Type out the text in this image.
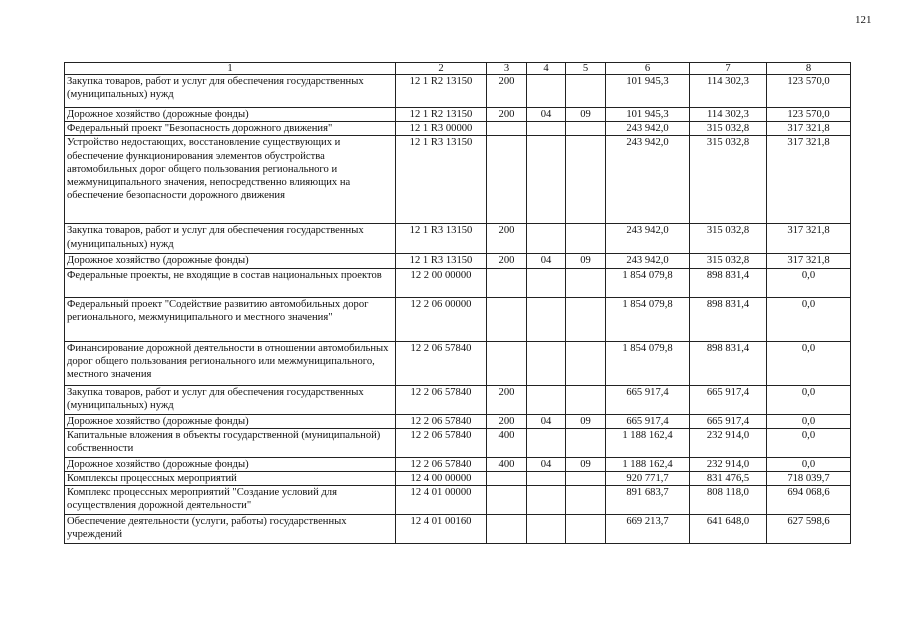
121
1	2	3	4	5	6	7	8
Закупка товаров, работ и услуг для обеспечения государственных (муниципальных) нужд	12 1 R2 13150	200			101 945,3	114 302,3	123 570,0
Дорожное хозяйство (дорожные фонды)	12 1 R2 13150	200	04	09	101 945,3	114 302,3	123 570,0
Федеральный проект "Безопасность дорожного движения"	12 1 R3 00000				243 942,0	315 032,8	317 321,8
Устройство недостающих, восстановление существующих и обеспечение функционирования элементов обустройства автомобильных дорог общего пользования регионального и межмуниципального значения, непосредственно влияющих на обеспечение безопасности дорожного движения	12 1 R3 13150				243 942,0	315 032,8	317 321,8
Закупка товаров, работ и услуг для обеспечения государственных (муниципальных) нужд	12 1 R3 13150	200			243 942,0	315 032,8	317 321,8
Дорожное хозяйство (дорожные фонды)	12 1 R3 13150	200	04	09	243 942,0	315 032,8	317 321,8
Федеральные проекты, не входящие в состав национальных проектов	12 2 00 00000				1 854 079,8	898 831,4	0,0
Федеральный проект "Содействие развитию автомобильных дорог регионального, межмуниципального и местного значения"	12 2 06 00000				1 854 079,8	898 831,4	0,0
Финансирование дорожной деятельности в отношении автомобильных дорог общего пользования регионального или межмуниципального, местного значения	12 2 06 57840				1 854 079,8	898 831,4	0,0
Закупка товаров, работ и услуг для обеспечения государственных (муниципальных) нужд	12 2 06 57840	200			665 917,4	665 917,4	0,0
Дорожное хозяйство (дорожные фонды)	12 2 06 57840	200	04	09	665 917,4	665 917,4	0,0
Капитальные вложения в объекты государственной (муниципальной) собственности	12 2 06 57840	400			1 188 162,4	232 914,0	0,0
Дорожное хозяйство (дорожные фонды)	12 2 06 57840	400	04	09	1 188 162,4	232 914,0	0,0
Комплексы процессных мероприятий	12 4 00 00000				920 771,7	831 476,5	718 039,7
Комплекс процессных мероприятий "Создание условий для осуществления дорожной деятельности"	12 4 01 00000				891 683,7	808 118,0	694 068,6
Обеспечение деятельности (услуги, работы) государственных учреждений	12 4 01 00160				669 213,7	641 648,0	627 598,6
